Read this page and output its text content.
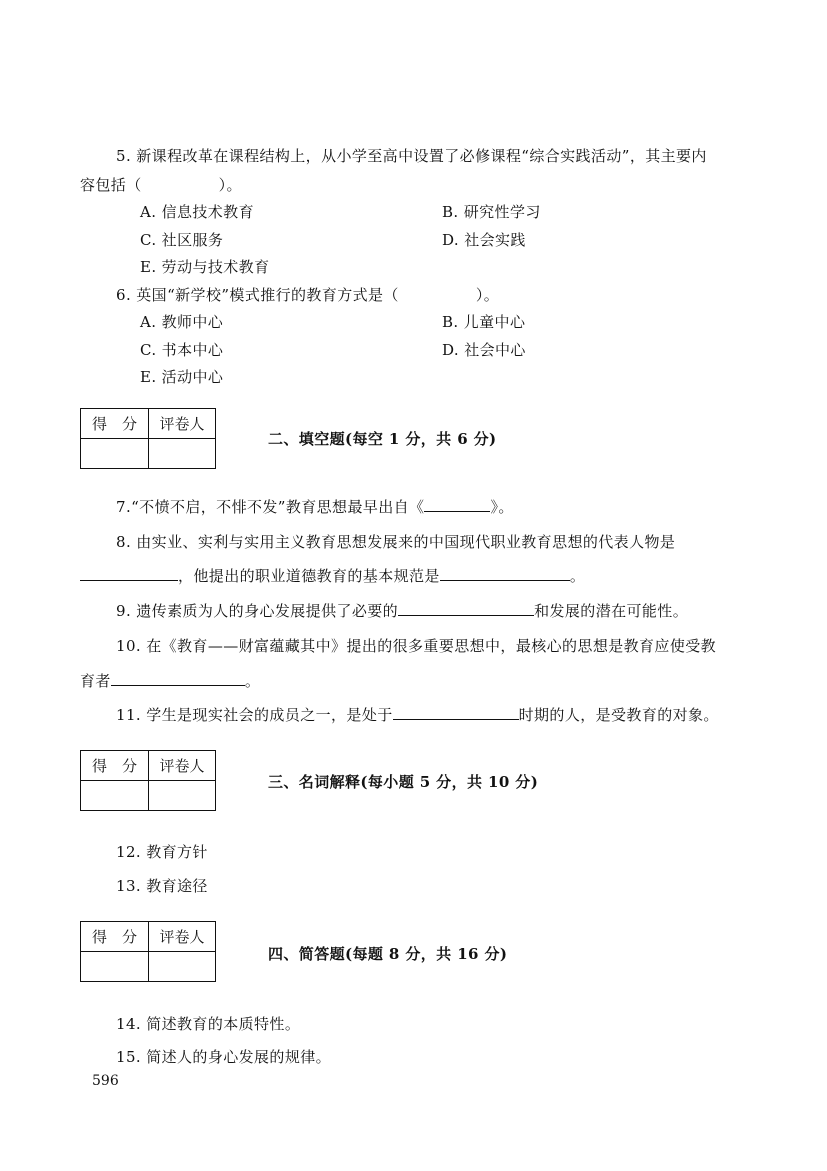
5. 新课程改革在课程结构上，从小学至高中设置了必修课程“综合实践活动”，其主要内
容包括（　　　　　）。
A. 信息技术教育	B. 研究性学习
C. 社区服务	D. 社会实践
E. 劳动与技术教育
6. 英国“新学校”模式推行的教育方式是（　　　　　）。
A. 教师中心	B. 儿童中心
C. 书本中心	D. 社会中心
E. 活动中心
得　分	评卷人

二、填空题(每空 1 分，共 6 分)
7.“不愤不启，不悱不发”教育思想最早出自《	》。
8. 由实业、实利与实用主义教育思想发展来的中国现代职业教育思想的代表人物是
，他提出的职业道德教育的基本规范是	。
9. 遗传素质为人的身心发展提供了必要的	和发展的潜在可能性。
10. 在《教育——财富蕴藏其中》提出的很多重要思想中，最核心的思想是教育应使受教
育者	。
11. 学生是现实社会的成员之一，是处于	时期的人，是受教育的对象。
得　分	评卷人

三、名词解释(每小题 5 分，共 10 分)
12. 教育方针
13. 教育途径
得　分	评卷人

四、简答题(每题 8 分，共 16 分)
14. 简述教育的本质特性。
15. 简述人的身心发展的规律。
596
